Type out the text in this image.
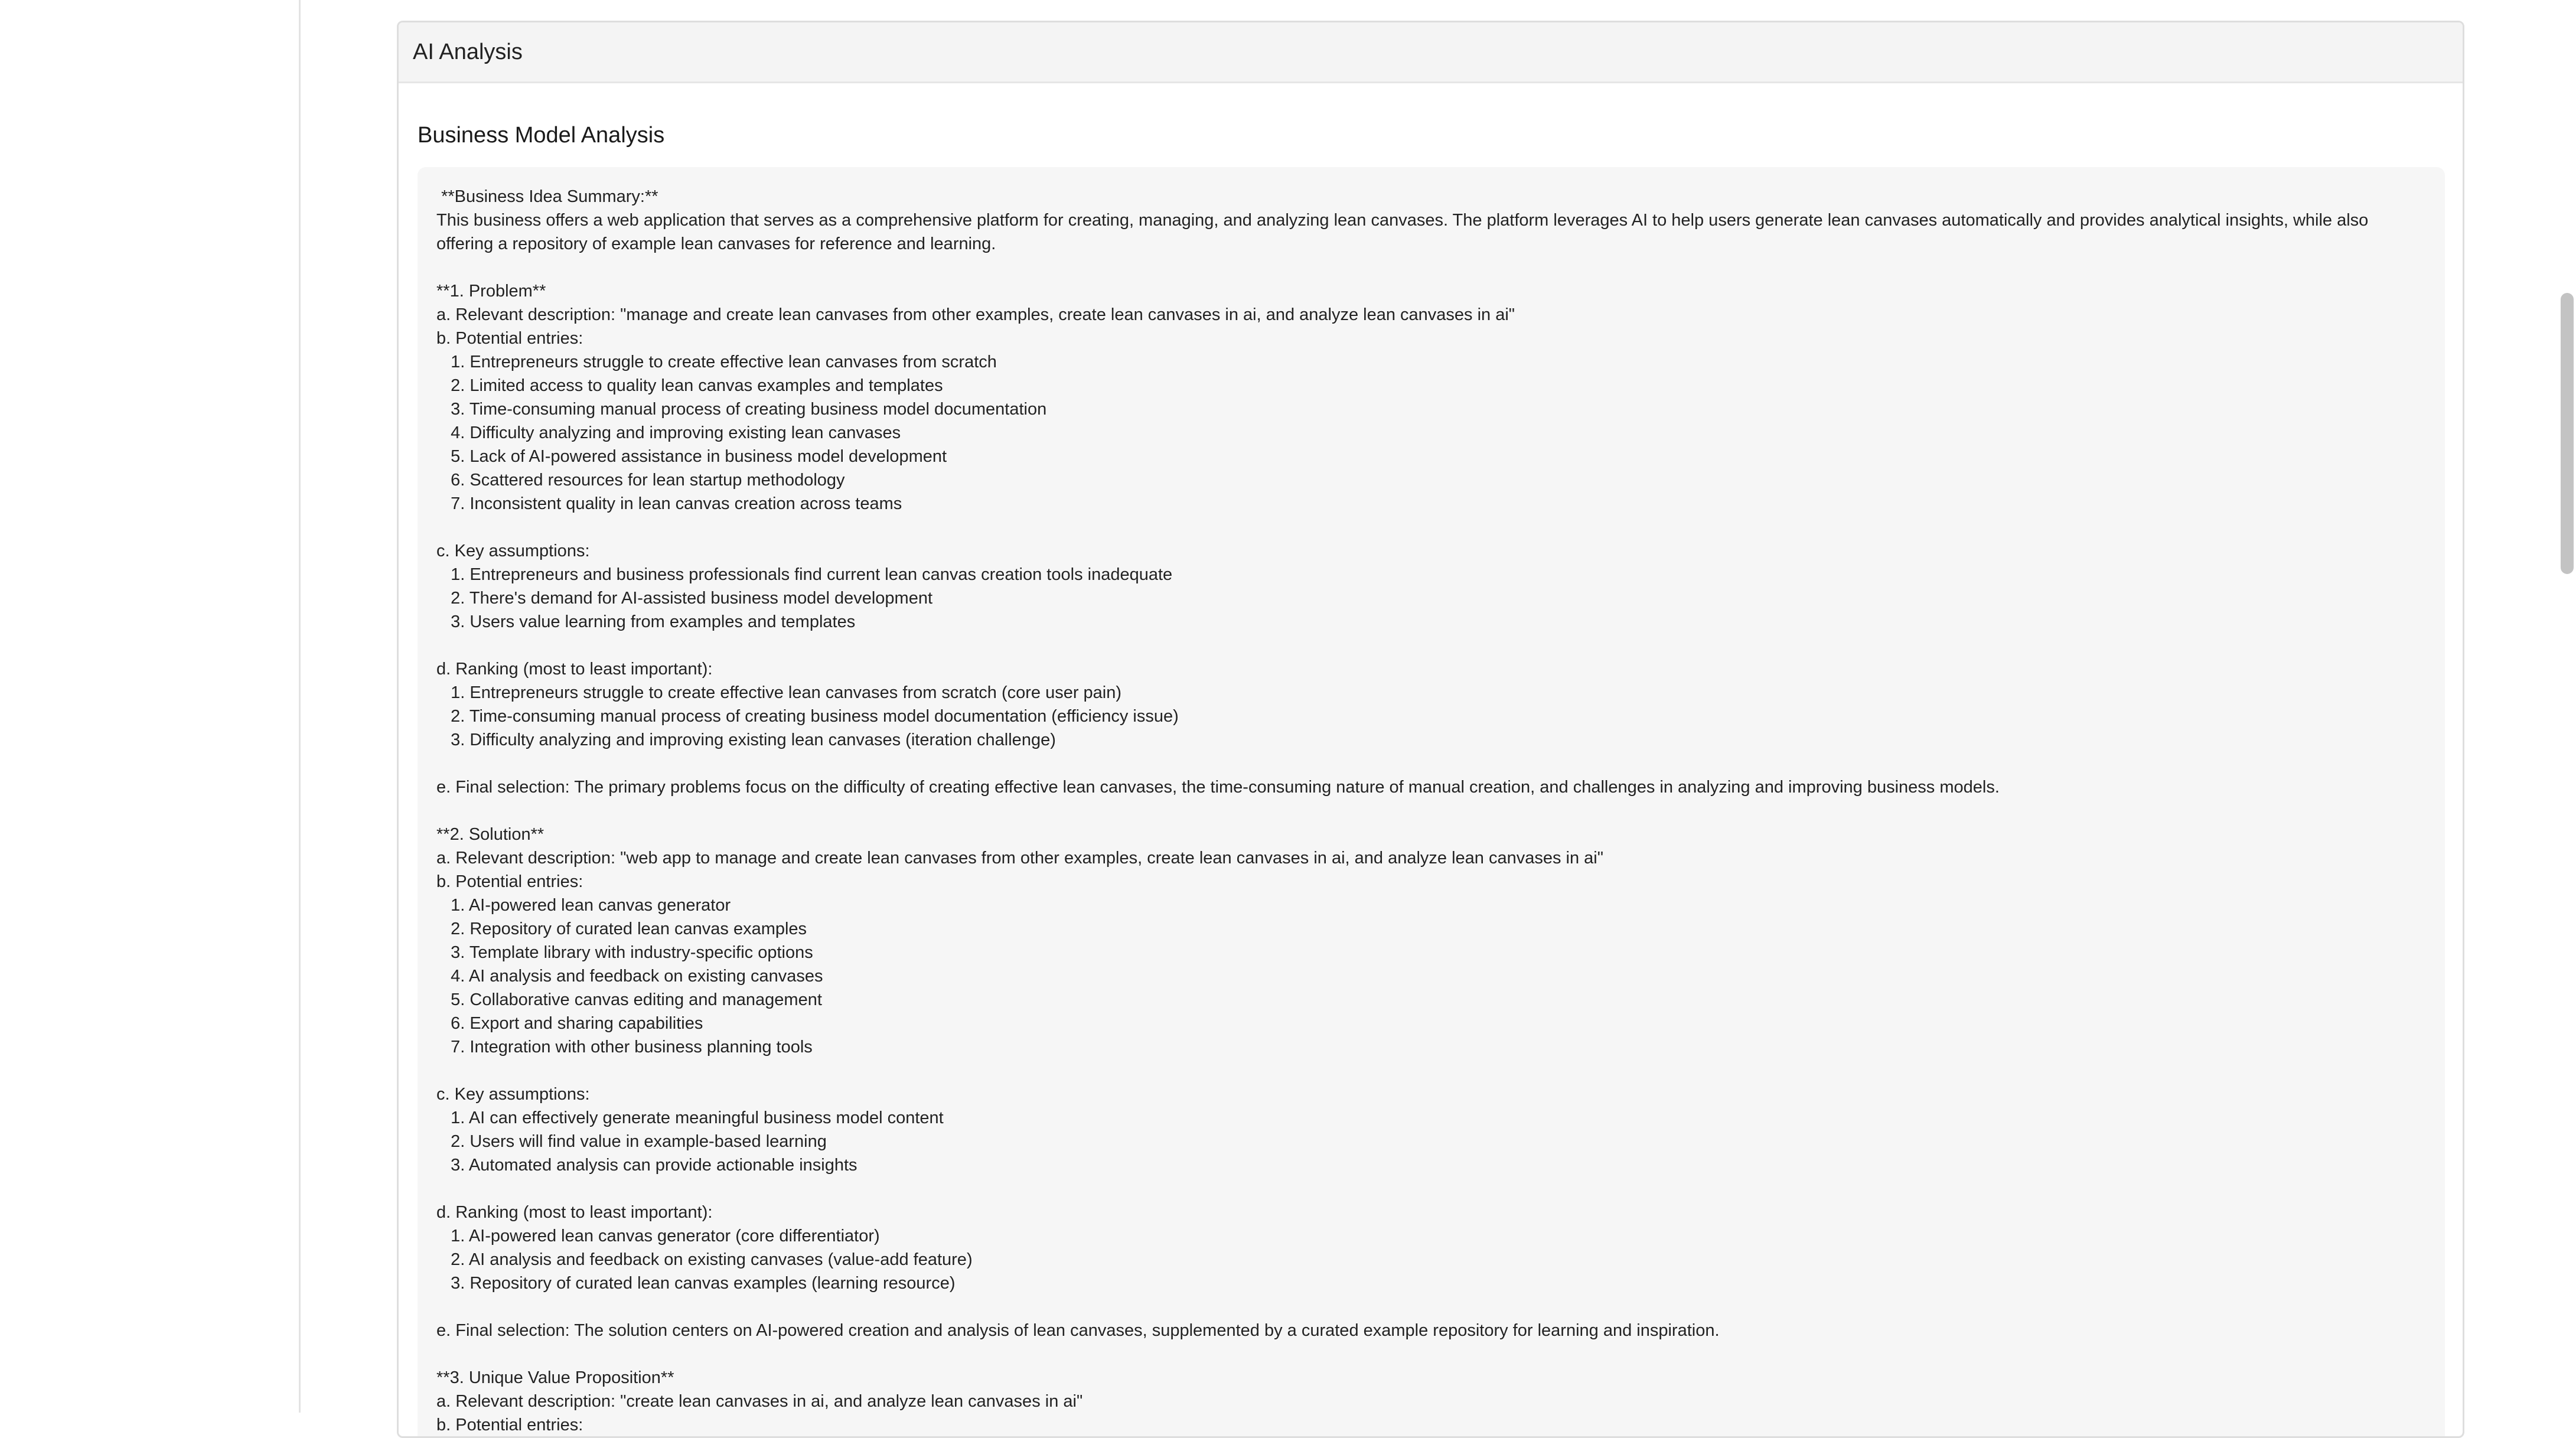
AI Analysis
Business Model Analysis
**Business Idea Summary:**
This business offers a web application that serves as a comprehensive platform for creating, managing, and analyzing lean canvases. The platform leverages AI to help users generate lean canvases automatically and provides analytical insights, while also
offering a repository of example lean canvases for reference and learning.

**1. Problem**
a. Relevant description: "manage and create lean canvases from other examples, create lean canvases in ai, and analyze lean canvases in ai"
b. Potential entries:
1. Entrepreneurs struggle to create effective lean canvases from scratch
2. Limited access to quality lean canvas examples and templates
3. Time-consuming manual process of creating business model documentation
4. Difficulty analyzing and improving existing lean canvases
5. Lack of AI-powered assistance in business model development
6. Scattered resources for lean startup methodology
7. Inconsistent quality in lean canvas creation across teams

c. Key assumptions:
1. Entrepreneurs and business professionals find current lean canvas creation tools inadequate
2. There's demand for AI-assisted business model development
3. Users value learning from examples and templates

d. Ranking (most to least important):
1. Entrepreneurs struggle to create effective lean canvases from scratch (core user pain)
2. Time-consuming manual process of creating business model documentation (efficiency issue)
3. Difficulty analyzing and improving existing lean canvases (iteration challenge)

e. Final selection: The primary problems focus on the difficulty of creating effective lean canvases, the time-consuming nature of manual creation, and challenges in analyzing and improving business models.

**2. Solution**
a. Relevant description: "web app to manage and create lean canvases from other examples, create lean canvases in ai, and analyze lean canvases in ai"
b. Potential entries:
1. AI-powered lean canvas generator
2. Repository of curated lean canvas examples
3. Template library with industry-specific options
4. AI analysis and feedback on existing canvases
5. Collaborative canvas editing and management
6. Export and sharing capabilities
7. Integration with other business planning tools

c. Key assumptions:
1. AI can effectively generate meaningful business model content
2. Users will find value in example-based learning
3. Automated analysis can provide actionable insights

d. Ranking (most to least important):
1. AI-powered lean canvas generator (core differentiator)
2. AI analysis and feedback on existing canvases (value-add feature)
3. Repository of curated lean canvas examples (learning resource)

e. Final selection: The solution centers on AI-powered creation and analysis of lean canvases, supplemented by a curated example repository for learning and inspiration.

**3. Unique Value Proposition**
a. Relevant description: "create lean canvases in ai, and analyze lean canvases in ai"
b. Potential entries:
